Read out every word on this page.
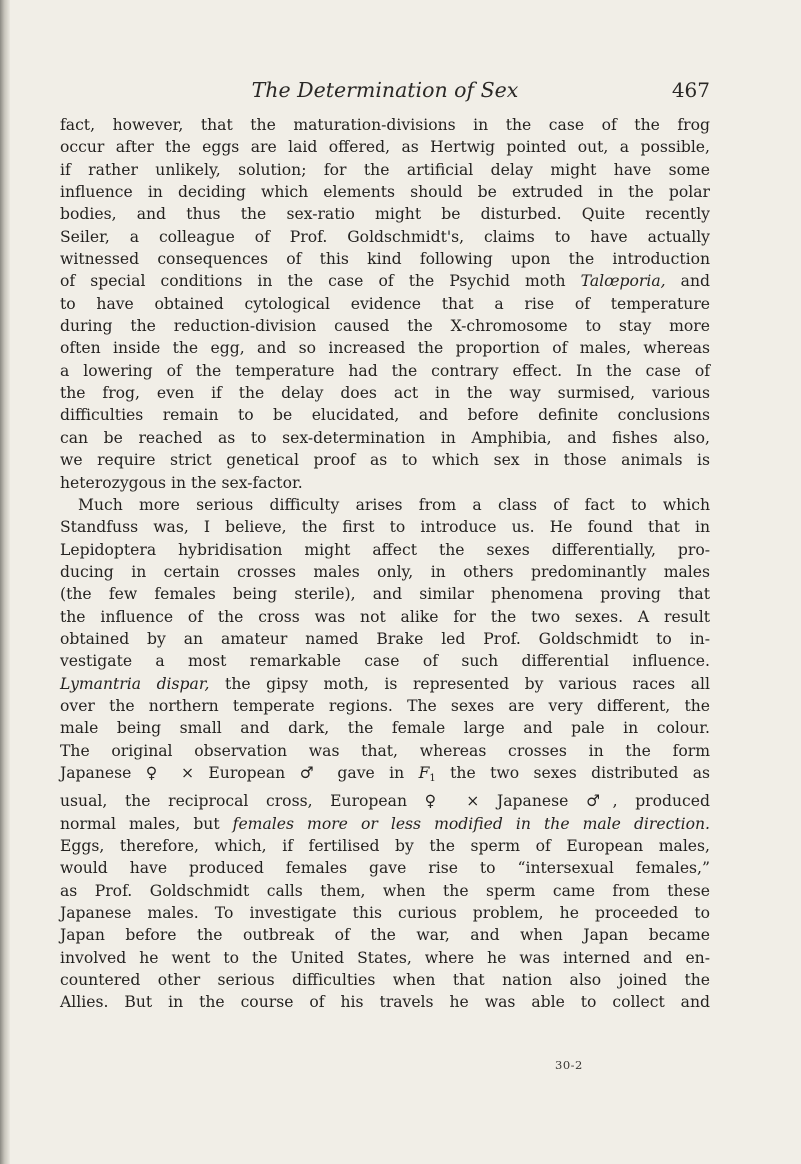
The Determination of Sex	467
fact, however, that the maturation-divisions in the case of the frog
occur after the eggs are laid offered, as Hertwig pointed out, a possible,
if rather unlikely, solution; for the artificial delay might have some
influence in deciding which elements should be extruded in the polar
bodies, and thus the sex-ratio might be disturbed. Quite recently
Seiler, a colleague of Prof. Goldschmidt's, claims to have actually
witnessed consequences of this kind following upon the introduction
of special conditions in the case of the Psychid moth Talœporia, and
to have obtained cytological evidence that a rise of temperature
during the reduction-division caused the X-chromosome to stay more
often inside the egg, and so increased the proportion of males, whereas
a lowering of the temperature had the contrary effect. In the case of
the frog, even if the delay does act in the way surmised, various
difficulties remain to be elucidated, and before definite conclusions
can be reached as to sex-determination in Amphibia, and fishes also,
we require strict genetical proof as to which sex in those animals is
heterozygous in the sex-factor.
Much more serious difficulty arises from a class of fact to which
Standfuss was, I believe, the first to introduce us. He found that in
Lepidoptera hybridisation might affect the sexes differentially, pro-
ducing in certain crosses males only, in others predominantly males
(the few females being sterile), and similar phenomena proving that
the influence of the cross was not alike for the two sexes. A result
obtained by an amateur named Brake led Prof. Goldschmidt to in-
vestigate a most remarkable case of such differential influence.
Lymantria dispar, the gipsy moth, is represented by various races all
over the northern temperate regions. The sexes are very different, the
male being small and dark, the female large and pale in colour.
The original observation was that, whereas crosses in the form
Japanese ♀ × European ♂ gave in $F_1$ the two sexes distributed as
usual, the reciprocal cross, European ♀ × Japanese ♂, produced
normal males, but females more or less modified in the male direction.
Eggs, therefore, which, if fertilised by the sperm of European males,
would have produced females gave rise to “intersexual females,”
as Prof. Goldschmidt calls them, when the sperm came from these
Japanese males. To investigate this curious problem, he proceeded to
Japan before the outbreak of the war, and when Japan became
involved he went to the United States, where he was interned and en-
countered other serious difficulties when that nation also joined the
Allies. But in the course of his travels he was able to collect and
30-2
